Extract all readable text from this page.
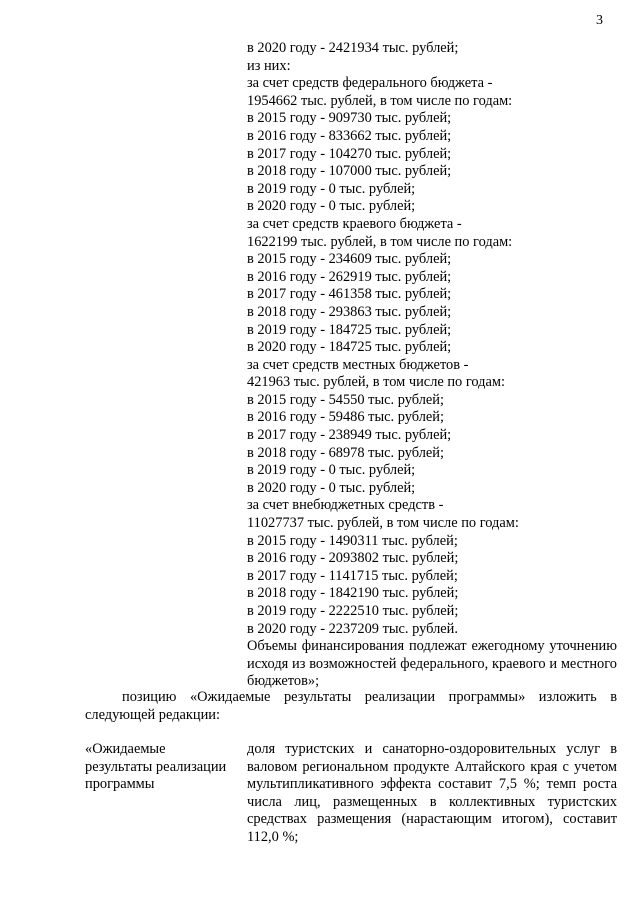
3
в 2020 году - 2421934 тыс. рублей;
из них:
за счет средств федерального бюджета -
1954662 тыс. рублей, в том числе по годам:
в 2015 году - 909730 тыс. рублей;
в 2016 году - 833662 тыс. рублей;
в 2017 году - 104270 тыс. рублей;
в 2018 году - 107000 тыс. рублей;
в 2019 году - 0 тыс. рублей;
в 2020 году - 0 тыс. рублей;
за счет средств краевого бюджета -
1622199 тыс. рублей, в том числе по годам:
в 2015 году - 234609 тыс. рублей;
в 2016 году - 262919 тыс. рублей;
в 2017 году - 461358 тыс. рублей;
в 2018 году - 293863 тыс. рублей;
в 2019 году - 184725 тыс. рублей;
в 2020 году - 184725 тыс. рублей;
за счет средств местных бюджетов -
421963 тыс. рублей, в том числе по годам:
в 2015 году - 54550 тыс. рублей;
в 2016 году - 59486 тыс. рублей;
в 2017 году - 238949 тыс. рублей;
в 2018 году - 68978 тыс. рублей;
в 2019 году - 0 тыс. рублей;
в 2020 году - 0 тыс. рублей;
за счет внебюджетных средств -
11027737 тыс. рублей, в том числе по годам:
в 2015 году - 1490311 тыс. рублей;
в 2016 году - 2093802 тыс. рублей;
в 2017 году - 1141715 тыс. рублей;
в 2018 году - 1842190 тыс. рублей;
в 2019 году - 2222510 тыс. рублей;
в 2020 году - 2237209 тыс. рублей.
Объемы финансирования подлежат ежегодному уточнению исходя из возможностей федерального, краевого и местного бюджетов»;
позицию «Ожидаемые результаты реализации программы» изложить в
следующей редакции:
«Ожидаемые результаты реализации программы
доля туристских и санаторно-оздоровительных услуг в валовом региональном продукте Алтайского края с учетом мультипликативного эффекта составит 7,5 %; темп роста числа лиц, размещенных в коллективных туристских средствах размещения (нарастающим итогом), составит 112,0 %;
